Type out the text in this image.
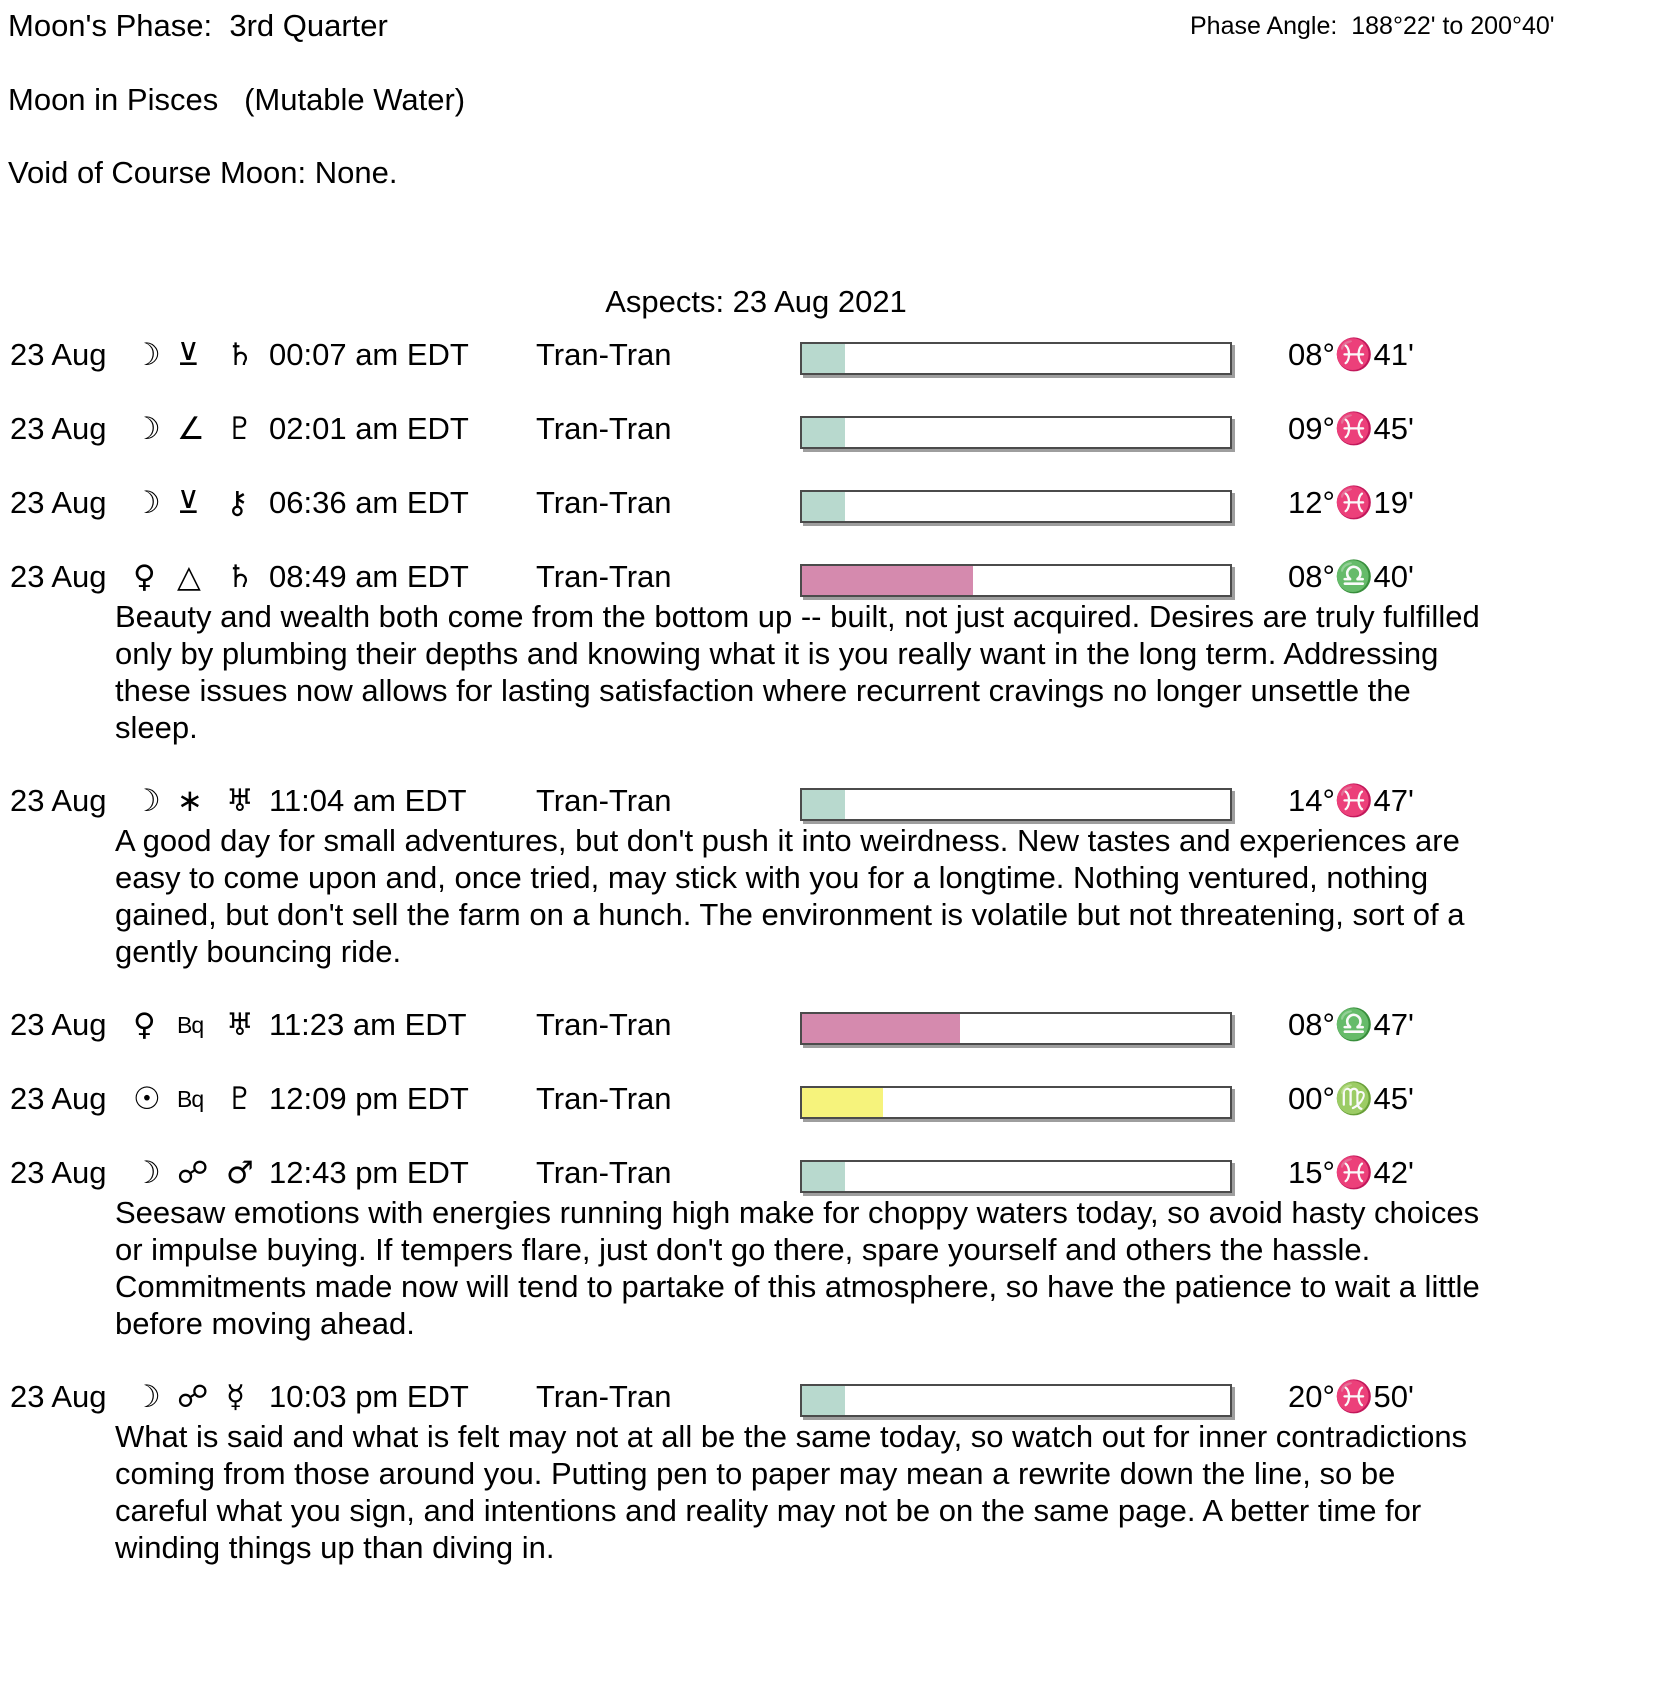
Moon's Phase: 3rd Quarter	Phase Angle: 188°22' to 200°40'
Moon in Pisces (Mutable Water)
Void of Course Moon: None.
Aspects: 23 Aug 2021
23 Aug ☽ ⊻ ♄ 00:07 am EDT	Tran-Tran	08°♓41'
23 Aug ☽ ∠ ♇ 02:01 am EDT	Tran-Tran	09°♓45'
23 Aug ☽ ⊻ ⚷ 06:36 am EDT	Tran-Tran	12°♓19'
23 Aug ♀ △ ♄ 08:49 am EDT	Tran-Tran	08°♎40'
Beauty and wealth both come from the bottom up -- built, not just acquired. Desires are truly fulfilled only by plumbing their depths and knowing what it is you really want in the long term. Addressing these issues now allows for lasting satisfaction where recurrent cravings no longer unsettle the sleep.
23 Aug ☽ ∗ ♅ 11:04 am EDT	Tran-Tran	14°♓47'
A good day for small adventures, but don't push it into weirdness. New tastes and experiences are easy to come upon and, once tried, may stick with you for a longtime. Nothing ventured, nothing gained, but don't sell the farm on a hunch. The environment is volatile but not threatening, sort of a gently bouncing ride.
23 Aug ♀ Bq ♅ 11:23 am EDT	Tran-Tran	08°♎47'
23 Aug ☉ Bq ♇ 12:09 pm EDT	Tran-Tran	00°♍45'
23 Aug ☽ ☍ ♂ 12:43 pm EDT	Tran-Tran	15°♓42'
Seesaw emotions with energies running high make for choppy waters today, so avoid hasty choices or impulse buying. If tempers flare, just don't go there, spare yourself and others the hassle. Commitments made now will tend to partake of this atmosphere, so have the patience to wait a little before moving ahead.
23 Aug ☽ ☍ ☿ 10:03 pm EDT	Tran-Tran	20°♓50'
What is said and what is felt may not at all be the same today, so watch out for inner contradictions coming from those around you. Putting pen to paper may mean a rewrite down the line, so be careful what you sign, and intentions and reality may not be on the same page. A better time for winding things up than diving in.
